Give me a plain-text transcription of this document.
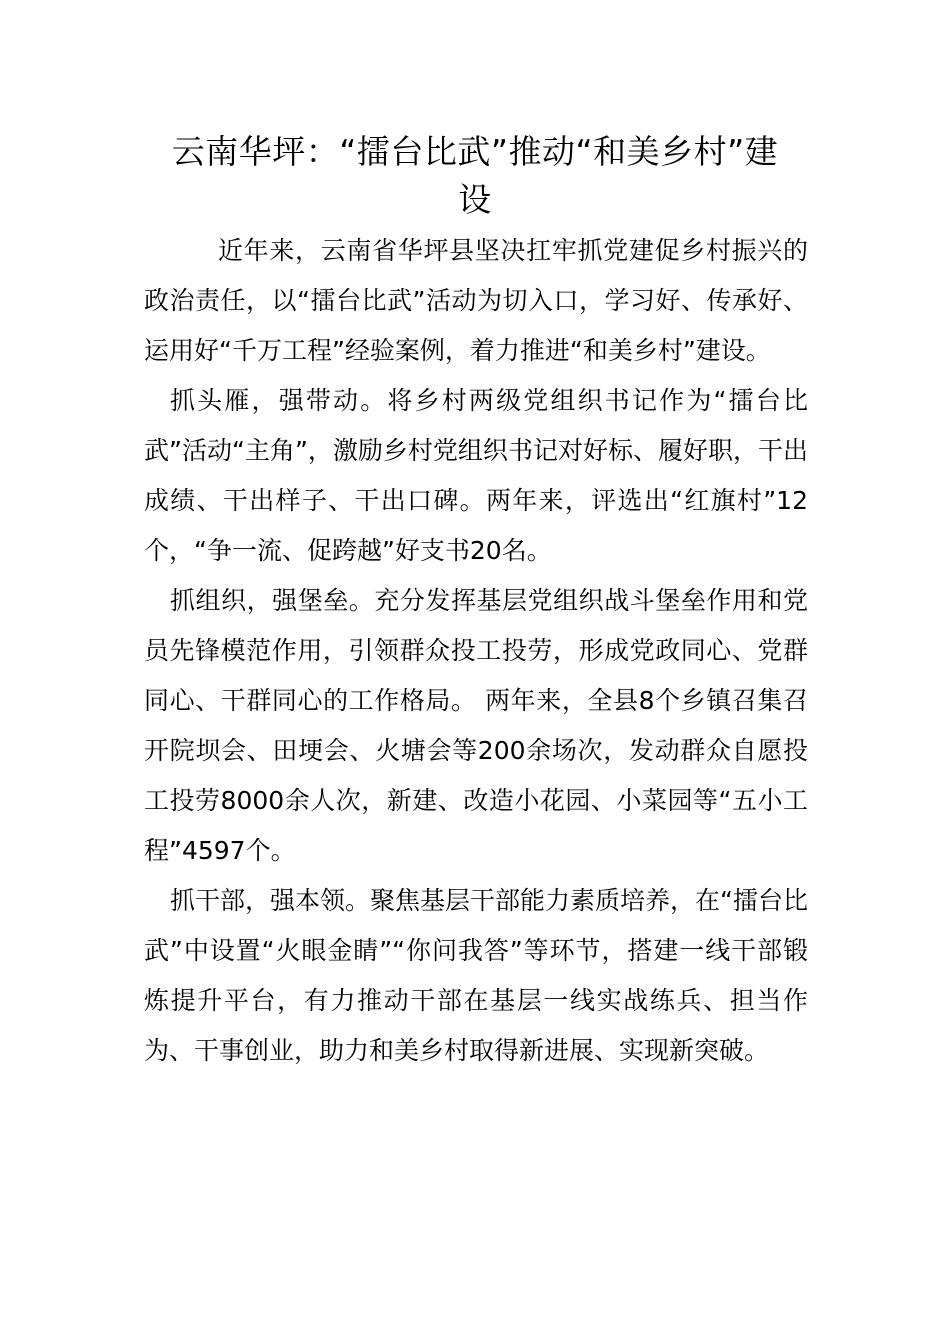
云南华坪：“擂台比武”推动“和美乡村”建设

近年来，云南省华坪县坚决扛牢抓党建促乡村振兴的政治责任，以“擂台比武”活动为切入口，学习好、传承好、运用好“千万工程”经验案例，着力推进“和美乡村”建设。

抓头雁，强带动。将乡村两级党组织书记作为“擂台比武”活动“主角”，激励乡村党组织书记对好标、履好职，干出成绩、干出样子、干出口碑。两年来，评选出“红旗村”12个，“争一流、促跨越”好支书20名。

抓组织，强堡垒。充分发挥基层党组织战斗堡垒作用和党员先锋模范作用，引领群众投工投劳，形成党政同心、党群同心、干群同心的工作格局。 两年来，全县8个乡镇召集召开院坝会、田埂会、火塘会等200余场次，发动群众自愿投工投劳8000余人次，新建、改造小花园、小菜园等“五小工程”4597个。

抓干部，强本领。聚焦基层干部能力素质培养，在“擂台比武”中设置“火眼金睛”“你问我答”等环节，搭建一线干部锻炼提升平台，有力推动干部在基层一线实战练兵、担当作为、干事创业，助力和美乡村取得新进展、实现新突破。
